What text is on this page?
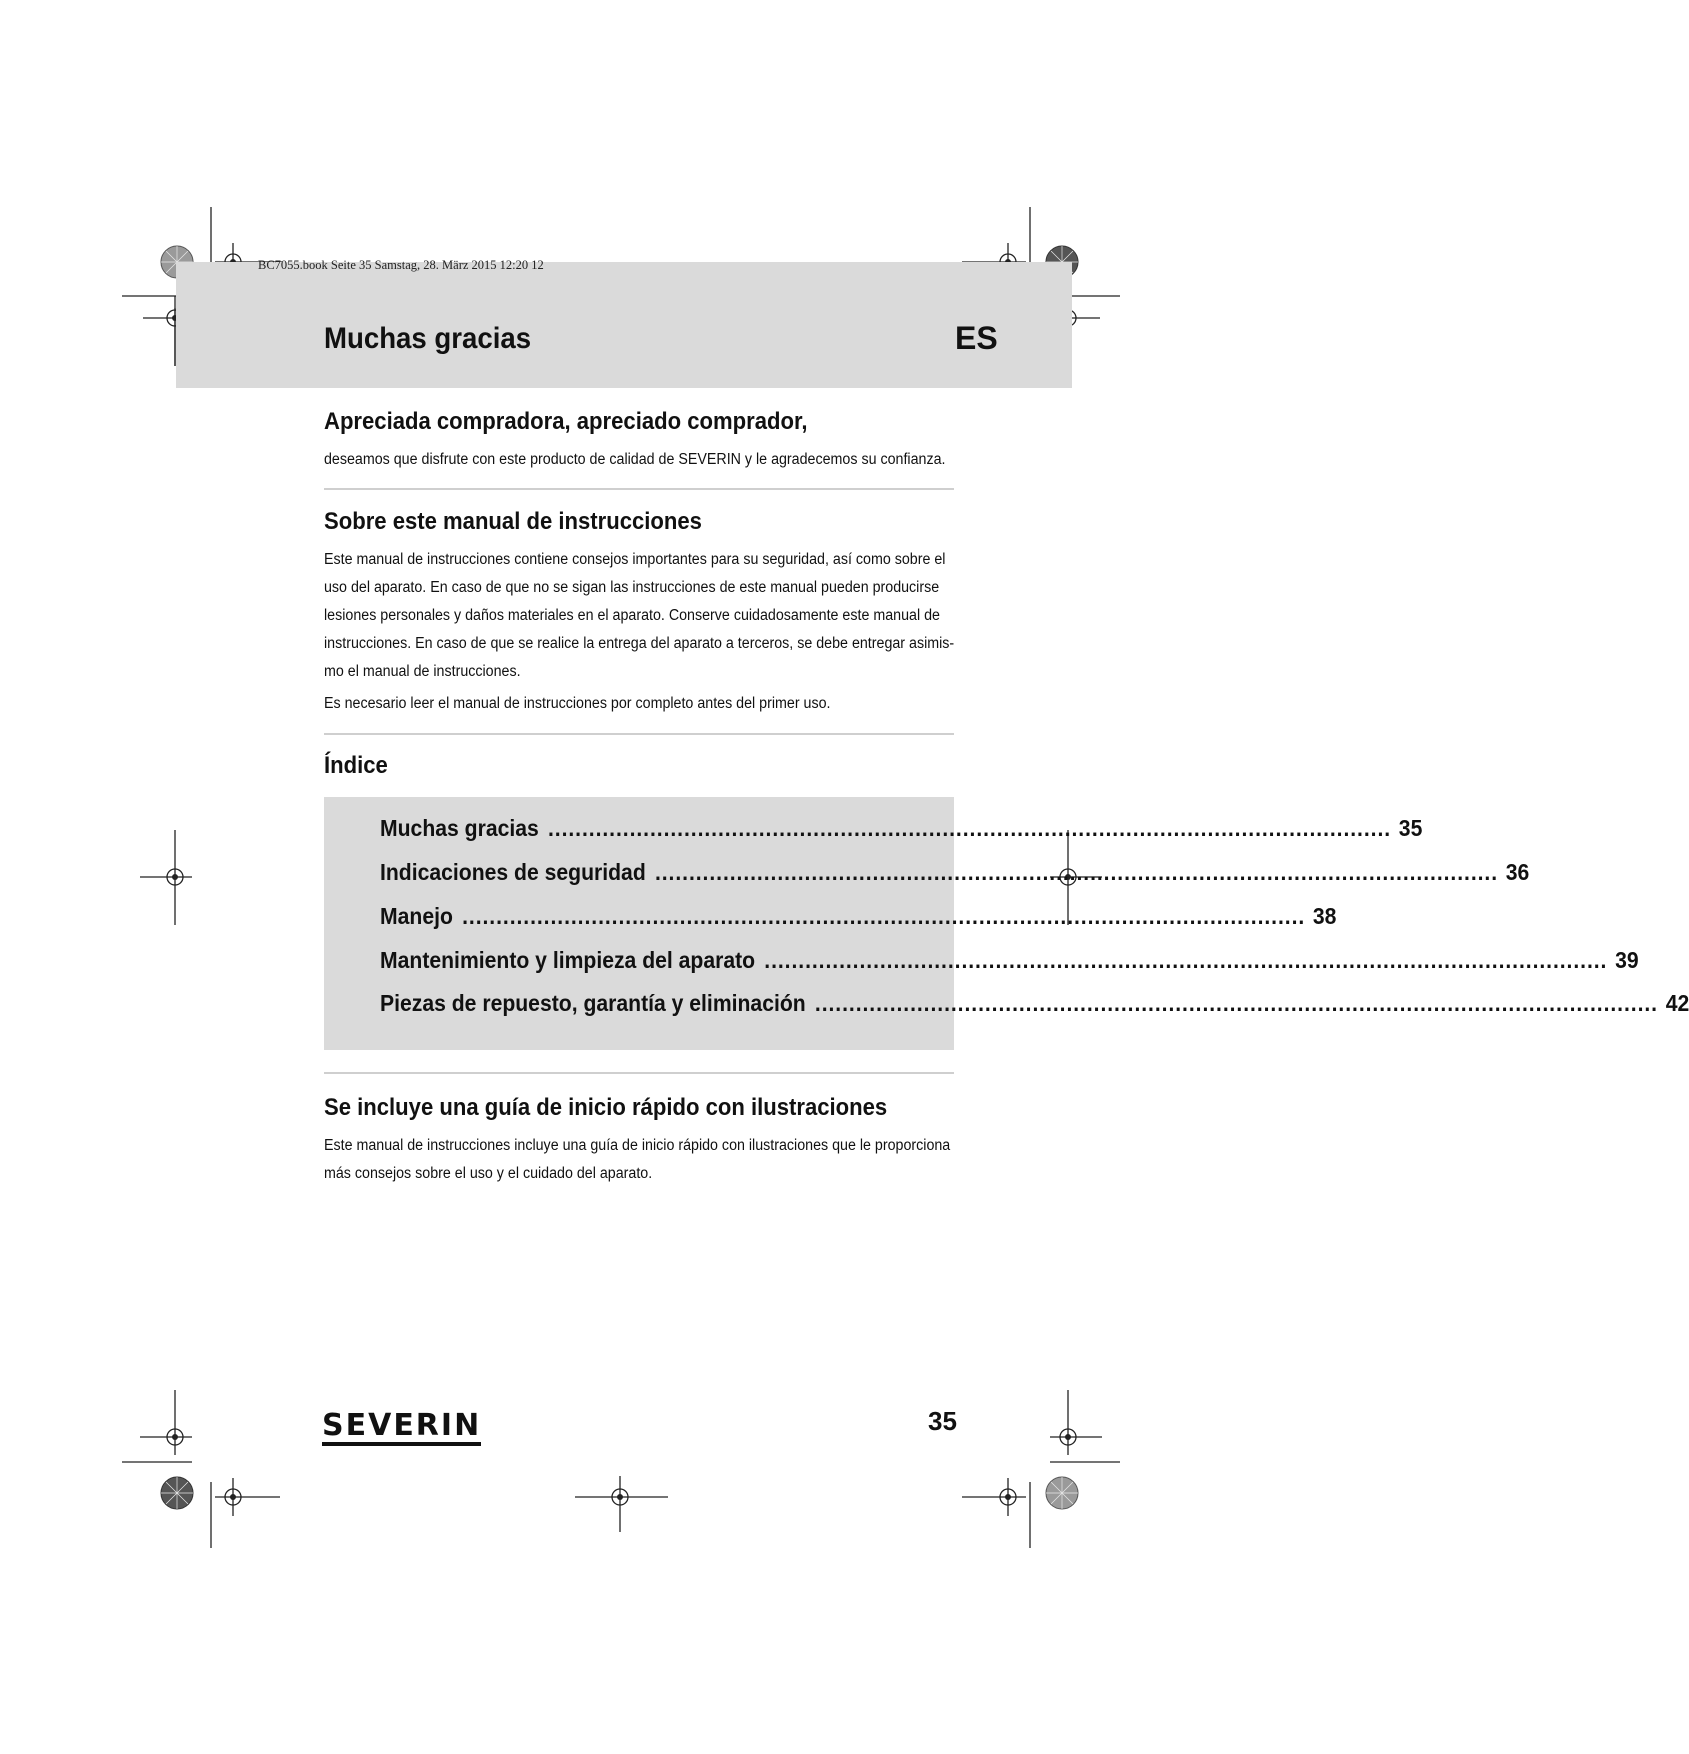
BC7055.book Seite 35 Samstag, 28. März 2015 12:20 12
Muchas gracias	ES
Apreciada compradora, apreciado comprador,

deseamos que disfrute con este producto de calidad de SEVERIN y le agradecemos su confianza.

Sobre este manual de instrucciones

Este manual de instrucciones contiene consejos importantes para su seguridad, así como sobre el uso del aparato. En caso de que no se sigan las instrucciones de este manual pueden producirse lesiones personales y daños materiales en el aparato. Conserve cuidadosamente este manual de instrucciones. En caso de que se realice la entrega del aparato a terceros, se debe entregar asimis-mo el manual de instrucciones.

Es necesario leer el manual de instrucciones por completo antes del primer uso.

Índice
Muchas gracias ............................................................................................................................ 35
Indicaciones de seguridad ............................................................................................................................ 36
Manejo ............................................................................................................................ 38
Mantenimiento y limpieza del aparato ............................................................................................................................ 39
Piezas de repuesto, garantía y eliminación ............................................................................................................................ 42
Se incluye una guía de inicio rápido con ilustraciones

Este manual de instrucciones incluye una guía de inicio rápido con ilustraciones que le proporciona más consejos sobre el uso y el cuidado del aparato.

SEVERIN	35
